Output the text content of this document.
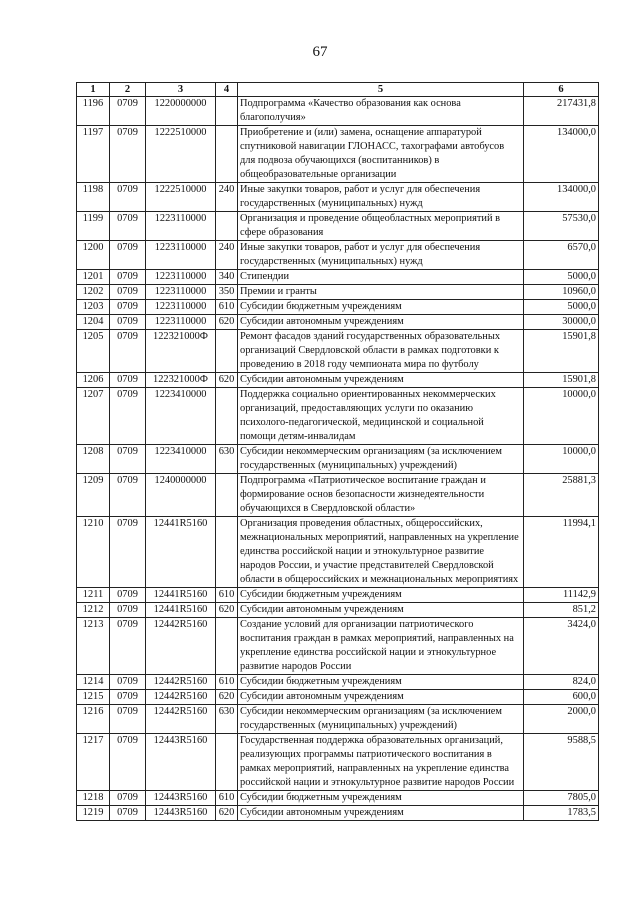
67
1	2	3	4	5	6
1196	0709	1220000000		Подпрограмма «Качество образования как основа благополучия»	217431,8
1197	0709	1222510000		Приобретение и (или) замена, оснащение аппаратурой спутниковой навигации ГЛОНАСС, тахографами автобусов для подвоза обучающихся (воспитанников) в общеобразовательные организации	134000,0
1198	0709	1222510000	240	Иные закупки товаров, работ и услуг для обеспечения государственных (муниципальных) нужд	134000,0
1199	0709	1223110000		Организация и проведение общеобластных мероприятий в сфере образования	57530,0
1200	0709	1223110000	240	Иные закупки товаров, работ и услуг для обеспечения государственных (муниципальных) нужд	6570,0
1201	0709	1223110000	340	Стипендии	5000,0
1202	0709	1223110000	350	Премии и гранты	10960,0
1203	0709	1223110000	610	Субсидии бюджетным учреждениям	5000,0
1204	0709	1223110000	620	Субсидии автономным учреждениям	30000,0
1205	0709	122321000Ф		Ремонт фасадов зданий государственных образовательных организаций Свердловской области в рамках подготовки к проведению в 2018 году чемпионата мира по футболу	15901,8
1206	0709	122321000Ф	620	Субсидии автономным учреждениям	15901,8
1207	0709	1223410000		Поддержка социально ориентированных некоммерческих организаций, предоставляющих услуги по оказанию психолого-педагогической, медицинской и социальной помощи детям-инвалидам	10000,0
1208	0709	1223410000	630	Субсидии некоммерческим организациям (за исключением государственных (муниципальных) учреждений)	10000,0
1209	0709	1240000000		Подпрограмма «Патриотическое воспитание граждан и формирование основ безопасности жизнедеятельности обучающихся в Свердловской области»	25881,3
1210	0709	12441R5160		Организация проведения областных, общероссийских, межнациональных мероприятий, направленных на укрепление единства российской нации и этнокультурное развитие народов России, и участие представителей Свердловской области в общероссийских и межнациональных мероприятиях	11994,1
1211	0709	12441R5160	610	Субсидии бюджетным учреждениям	11142,9
1212	0709	12441R5160	620	Субсидии автономным учреждениям	851,2
1213	0709	12442R5160		Создание условий для организации патриотического воспитания граждан в рамках мероприятий, направленных на укрепление единства российской нации и этнокультурное развитие народов России	3424,0
1214	0709	12442R5160	610	Субсидии бюджетным учреждениям	824,0
1215	0709	12442R5160	620	Субсидии автономным учреждениям	600,0
1216	0709	12442R5160	630	Субсидии некоммерческим организациям (за исключением государственных (муниципальных) учреждений)	2000,0
1217	0709	12443R5160		Государственная поддержка образовательных организаций, реализующих программы патриотического воспитания в рамках мероприятий, направленных на укрепление единства российской нации и этнокультурное развитие народов России	9588,5
1218	0709	12443R5160	610	Субсидии бюджетным учреждениям	7805,0
1219	0709	12443R5160	620	Субсидии автономным учреждениям	1783,5
